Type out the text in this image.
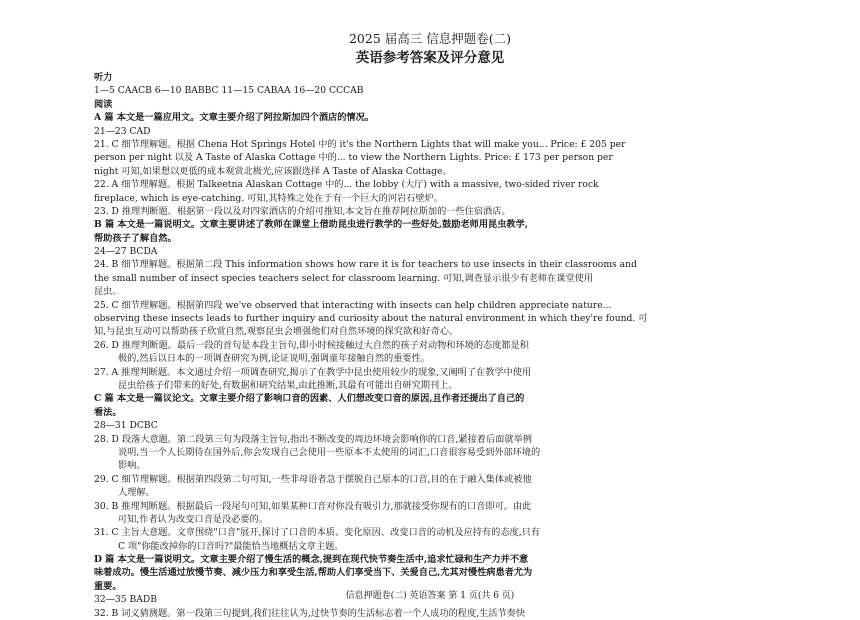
2025 届高三 信息押题卷(二)
英语参考答案及评分意见
听力
1—5 CAACB 6—10 BABBC 11—15 CABAA 16—20 CCCAB
阅读
A 篇 本文是一篇应用文。文章主要介绍了阿拉斯加四个酒店的情况。
21—23 CAD
21. C 细节理解题。根据 Chena Hot Springs Hotel 中的 it's the Northern Lights that will make you... Price: £ 205 per
person per night 以及 A Taste of Alaska Cottage 中的... to view the Northern Lights. Price: £ 173 per person per
night 可知,如果想以更低的成本观赏北极光,应该跟选择 A Taste of Alaska Cottage。
22. A 细节理解题。根据 Talkeetna Alaskan Cottage 中的... the lobby (大厅) with a massive, two-sided river rock
fireplace, which is eye-catching. 可知,其特殊之处在于有一个巨大的河岩石壁炉。
23. D 推理判断题。根据第一段以及对四家酒店的介绍可推知,本文旨在推荐阿拉斯加的一些住宿酒店。
B 篇 本文是一篇说明文。文章主要讲述了教师在课堂上借助昆虫进行教学的一些好处,鼓励老师用昆虫教学,
帮助孩子了解自然。
24—27 BCDA
24. B 细节理解题。根据第二段 This information shows how rare it is for teachers to use insects in their classrooms and
the small number of insect species teachers select for classroom learning. 可知,调查显示很少有老师在课堂使用
昆虫。
25. C 细节理解题。根据第四段 we've observed that interacting with insects can help children appreciate nature...
observing these insects leads to further inquiry and curiosity about the natural environment in which they're found. 可
知,与昆虫互动可以帮助孩子欣赏自然,观察昆虫会增强他们对自然环境的探究欲和好奇心。
26. D 推理判断题。最后一段的首句是本段主旨句,即小时候接触过大自然的孩子对动物和环境的态度都是积
极的,然后以日本的一项调查研究为例,论证说明,强调童年接触自然的重要性。
27. A 推理判断题。本文通过介绍一项调查研究,揭示了在教学中昆虫使用较少的现象,又阐明了在教学中使用
昆虫给孩子们带来的好处,有数据和研究结果,由此推断,其最有可能出自研究期刊上。
C 篇 本文是一篇议论文。文章主要介绍了影响口音的因素、人们想改变口音的原因,且作者还提出了自己的
看法。
28—31 DCBC
28. D 段落大意题。第二段第三句为段落主旨句,指出不断改变的周边环境会影响你的口音,紧接着后面就举例
说明,当一个人长期待在国外后,你会发现自己会使用一些原本不太使用的词汇,口音很容易受到外部环境的
影响。
29. C 细节理解题。根据第四段第二句可知,一些非母语者急于摆脱自己原本的口音,目的在于融入集体或被他
人理解。
30. B 推理判断题。根据最后一段尾句可知,如果某种口音对你没有吸引力,那就接受你现有的口音即可。由此
可知,作者认为改变口音是没必要的。
31. C 主旨大意题。文章围绕"口音"展开,探讨了口音的本质、变化原因、改变口音的动机及应持有的态度,只有
C 项"你能改掉你的口音吗?"最能恰当地概括文章主题。
D 篇 本文是一篇说明文。文章主要介绍了慢生活的概念,提到在现代快节奏生活中,追求忙碌和生产力并不意
味着成功。慢生活通过放慢节奏、减少压力和享受生活,帮助人们享受当下、关爱自己,尤其对慢性病患者尤为
重要。
32—35 BADB
32. B 词义猜测题。第一段第三句提到,我们往往认为,过快节奏的生活标志着一个人成功的程度,生活节奏快
信息押题卷(二) 英语答案 第 1 页(共 6 页)
